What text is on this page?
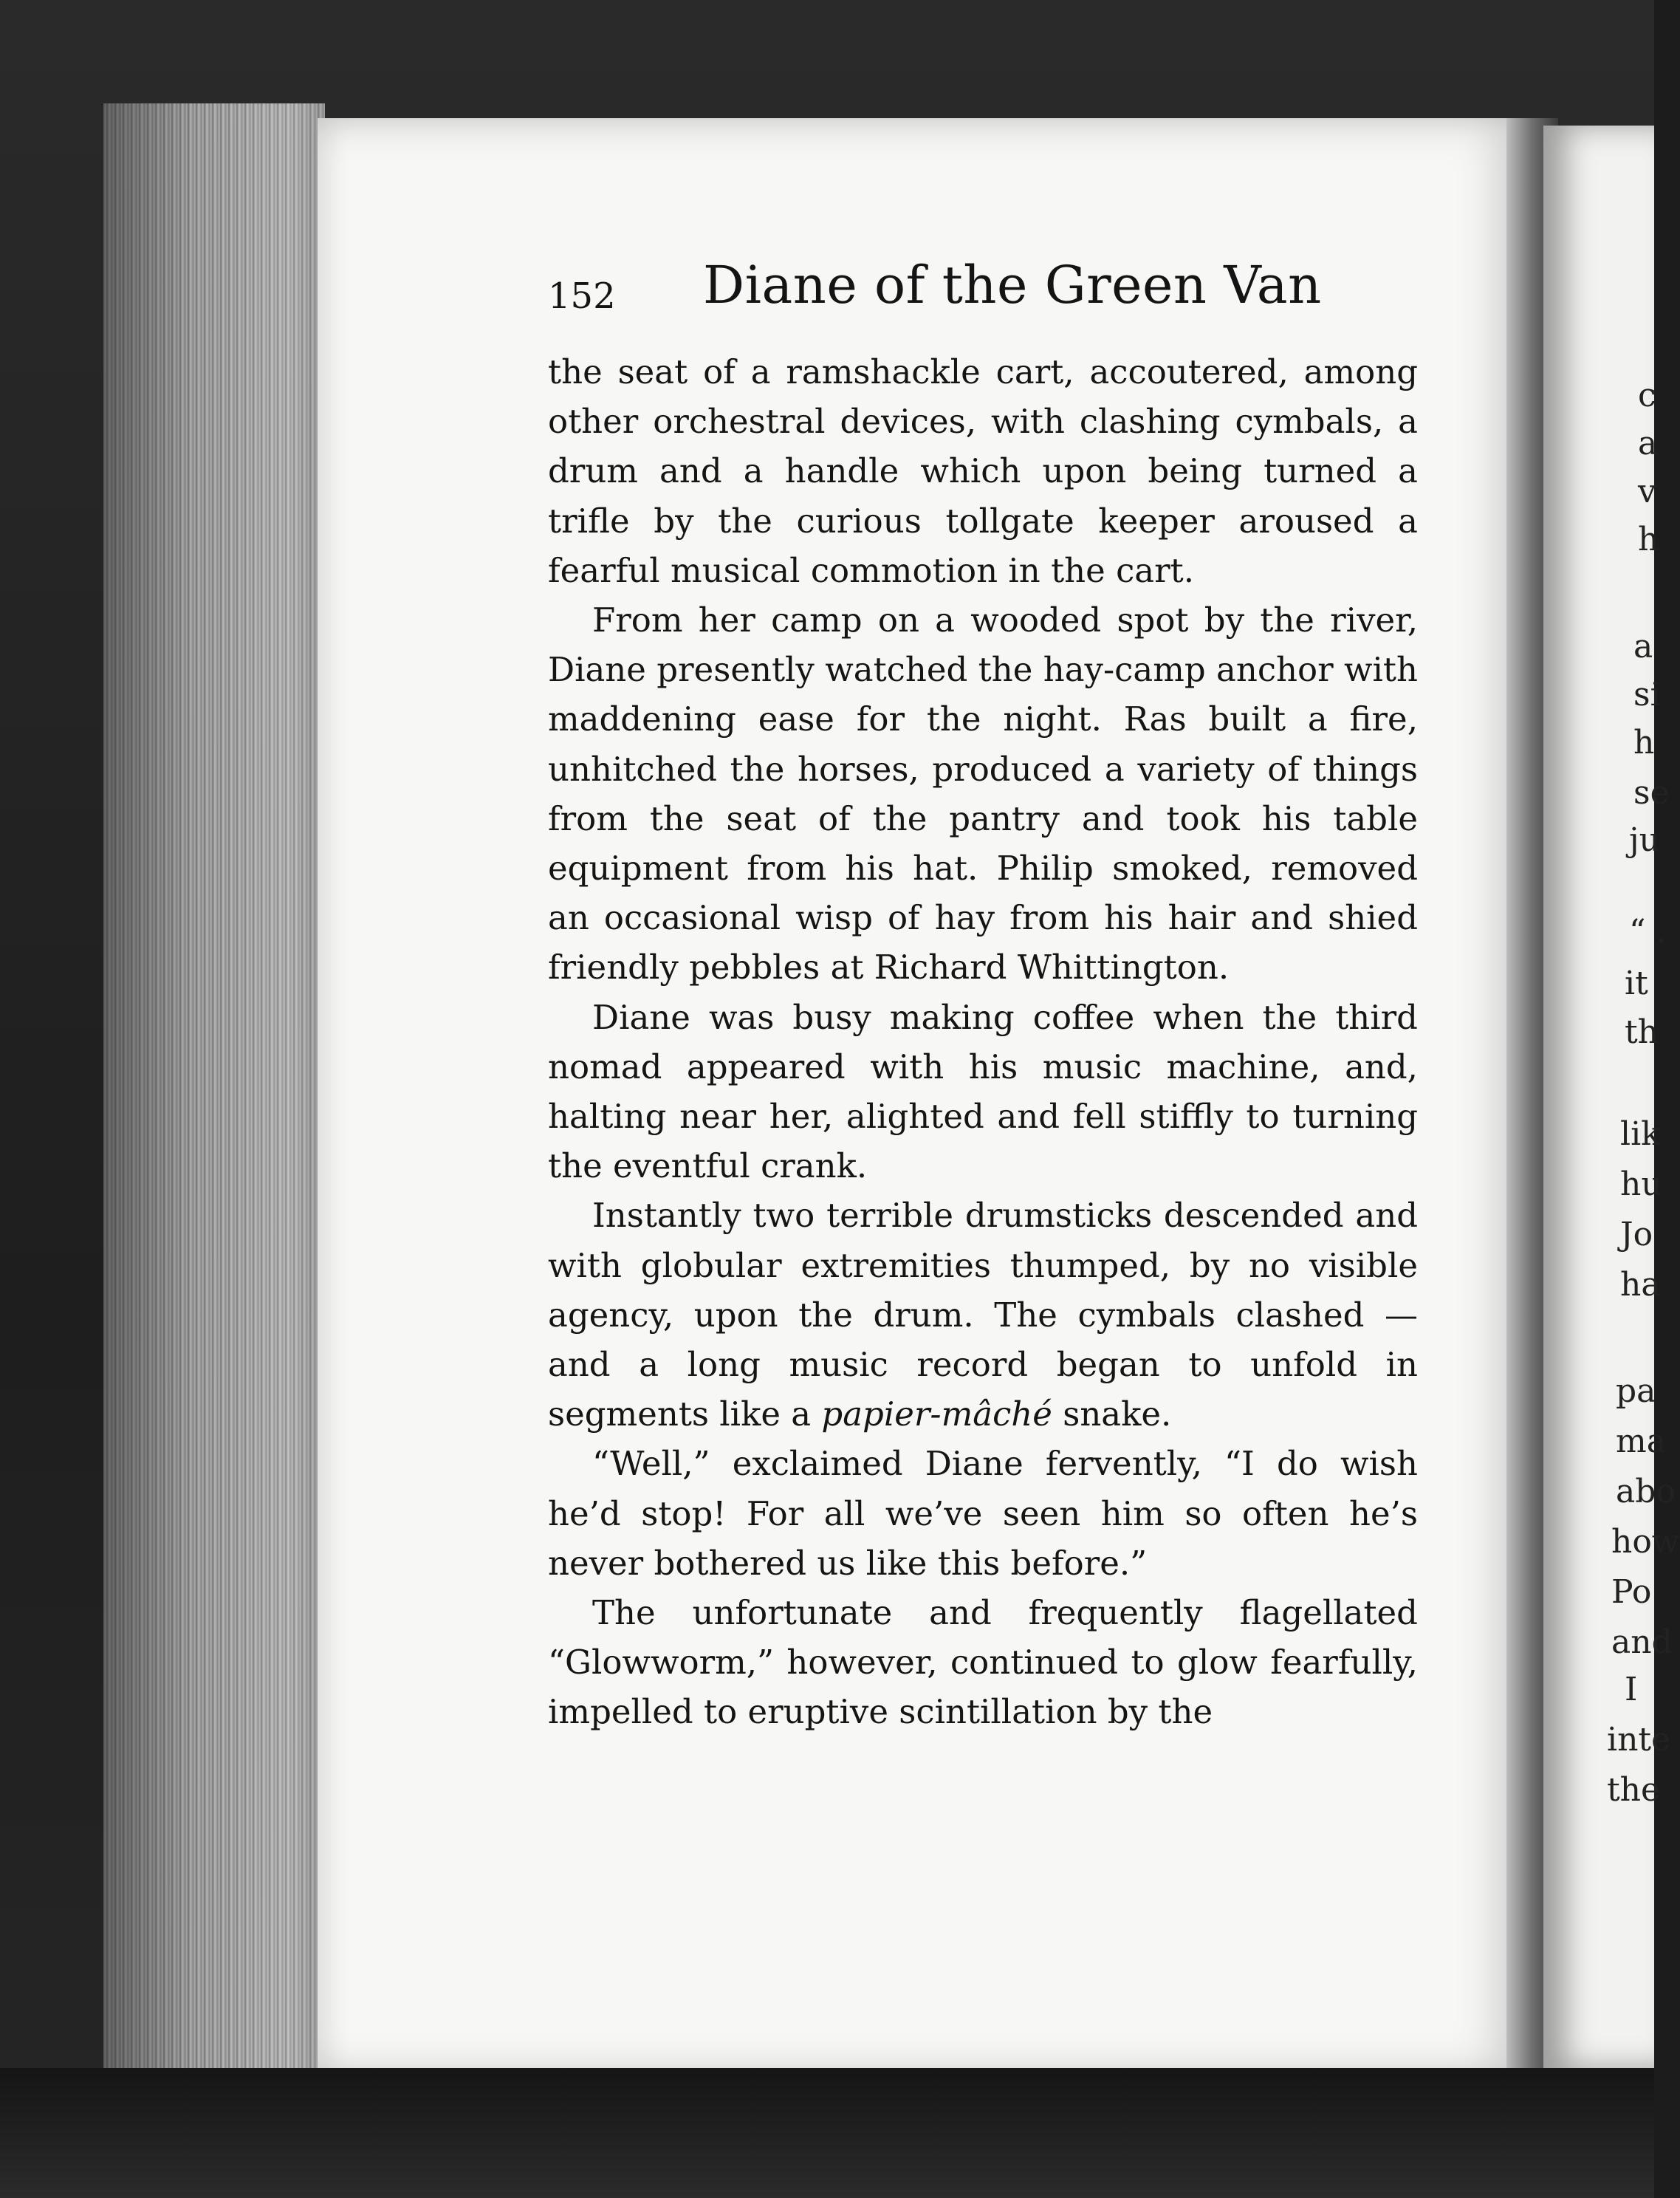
152 Diane of the Green Van

the seat of a ramshackle cart, accoutered, among other orchestral devices, with clashing cymbals, a drum and a handle which upon being turned a trifle by the curious tollgate keeper aroused a fearful musical commotion in the cart.

From her camp on a wooded spot by the river, Diane presently watched the hay-camp anchor with maddening ease for the night. Ras built a fire, unhitched the horses, produced a variety of things from the seat of the pantry and took his table equipment from his hat. Philip smoked, removed an occasional wisp of hay from his hair and shied friendly pebbles at Richard Whittington.

Diane was busy making coffee when the third nomad appeared with his music machine, and, halting near her, alighted and fell stiffly to turning the eventful crank.

Instantly two terrible drumsticks descended and with globular extremities thumped, by no visible agency, upon the drum. The cymbals clashed — and a long music record began to unfold in segments like a papier-mâché snake.

“Well,” exclaimed Diane fervently, “I do wish he’d stop! For all we’ve seen him so often he’s never bothered us like this before.”

The unfortunate and frequently flagellated “Glowworm,” however, continued to glow fearfully, impelled to eruptive scintillation by the

c
a
v
h
a
si
h
se
ju
“ .
it
th
lik
hu
Jo
ha
pa
ma
abo
how
Po
and
I
inte
the
